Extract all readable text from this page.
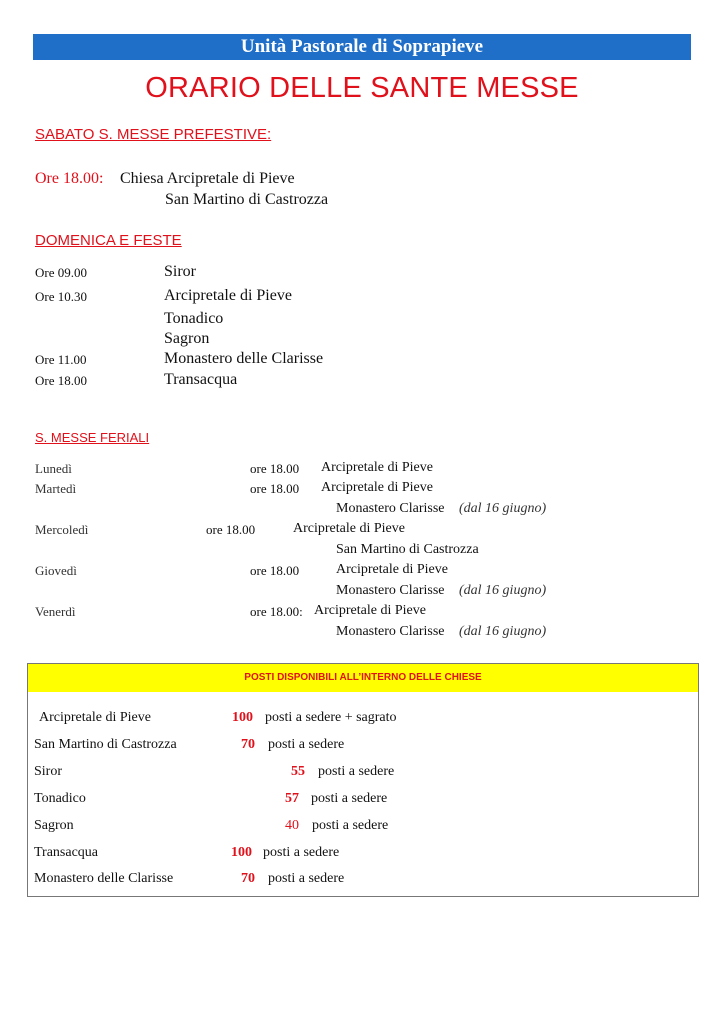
Unità Pastorale di Soprapieve
ORARIO DELLE SANTE MESSE
SABATO S. MESSE PREFESTIVE:
Ore 18.00: Chiesa Arcipretale di Pieve
San Martino di Castrozza
DOMENICA E FESTE
Ore 09.00	Siror
Ore 10.30	Arcipretale di Pieve
Tonadico
Sagron
Ore 11.00	Monastero delle Clarisse
Ore 18.00	Transacqua
S. MESSE FERIALI
Lunedì	ore 18.00 Arcipretale di Pieve
Martedì	ore 18.00 Arcipretale di Pieve
Monastero Clarisse (dal 16 giugno)
Mercoledì	ore 18.00	Arcipretale di Pieve
San Martino di Castrozza
Giovedì	ore 18.00	Arcipretale di Pieve
Monastero Clarisse (dal 16 giugno)
Venerdì	ore 18.00: Arcipretale di Pieve
Monastero Clarisse (dal 16 giugno)
POSTI DISPONIBILI ALL’INTERNO DELLE CHIESE
Arcipretale di Pieve	100 posti a sedere + sagrato
San Martino di Castrozza	70 posti a sedere
Siror	55 posti a sedere
Tonadico	57 posti a sedere
Sagron	40 posti a sedere
Transacqua	100 posti a sedere
Monastero delle Clarisse	70 posti a sedere
